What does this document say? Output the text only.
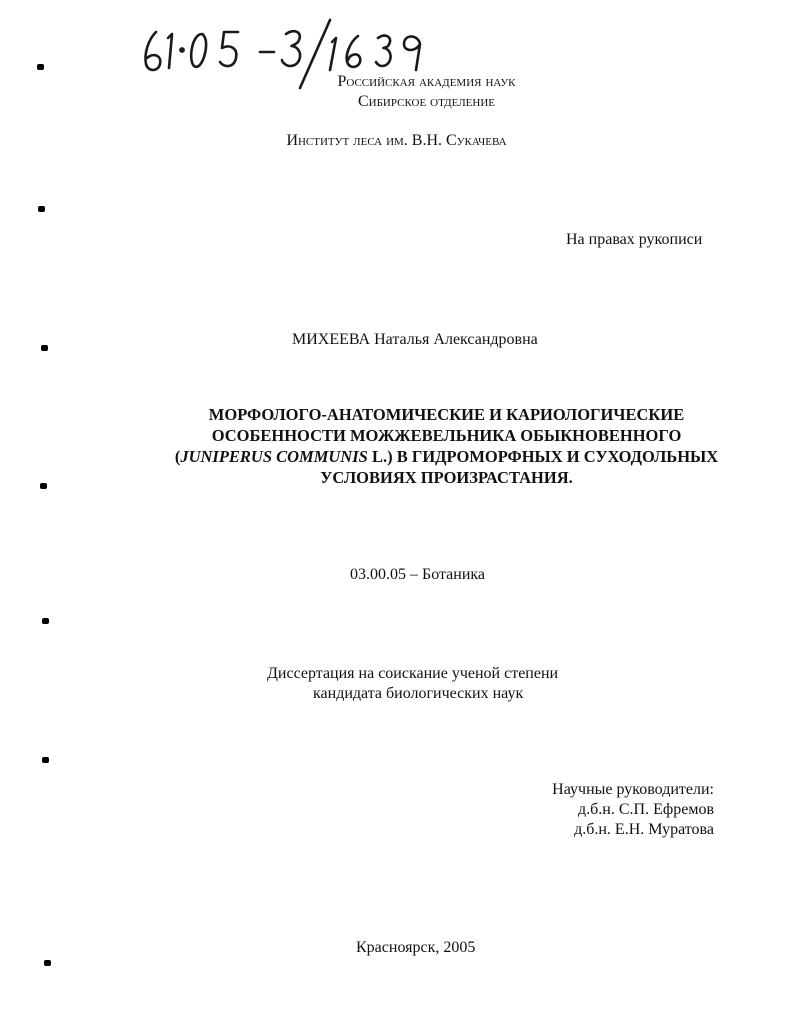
Российская академия наук
Сибирское отделение
Институт леса им. В.Н. Сукачева
На правах рукописи
МИХЕЕВА Наталья Александровна
МОРФОЛОГО-АНАТОМИЧЕСКИЕ И КАРИОЛОГИЧЕСКИЕ
ОСОБЕННОСТИ МОЖЖЕВЕЛЬНИКА ОБЫКНОВЕННОГО
(JUNIPERUS COMMUNIS L.) В ГИДРОМОРФНЫХ И СУХОДОЛЬНЫХ
УСЛОВИЯХ ПРОИЗРАСТАНИЯ.
03.00.05 – Ботаника
Диссертация на соискание ученой степени
кандидата биологических наук
Научные руководители:
д.б.н. С.П. Ефремов
д.б.н. Е.Н. Муратова
Красноярск, 2005
